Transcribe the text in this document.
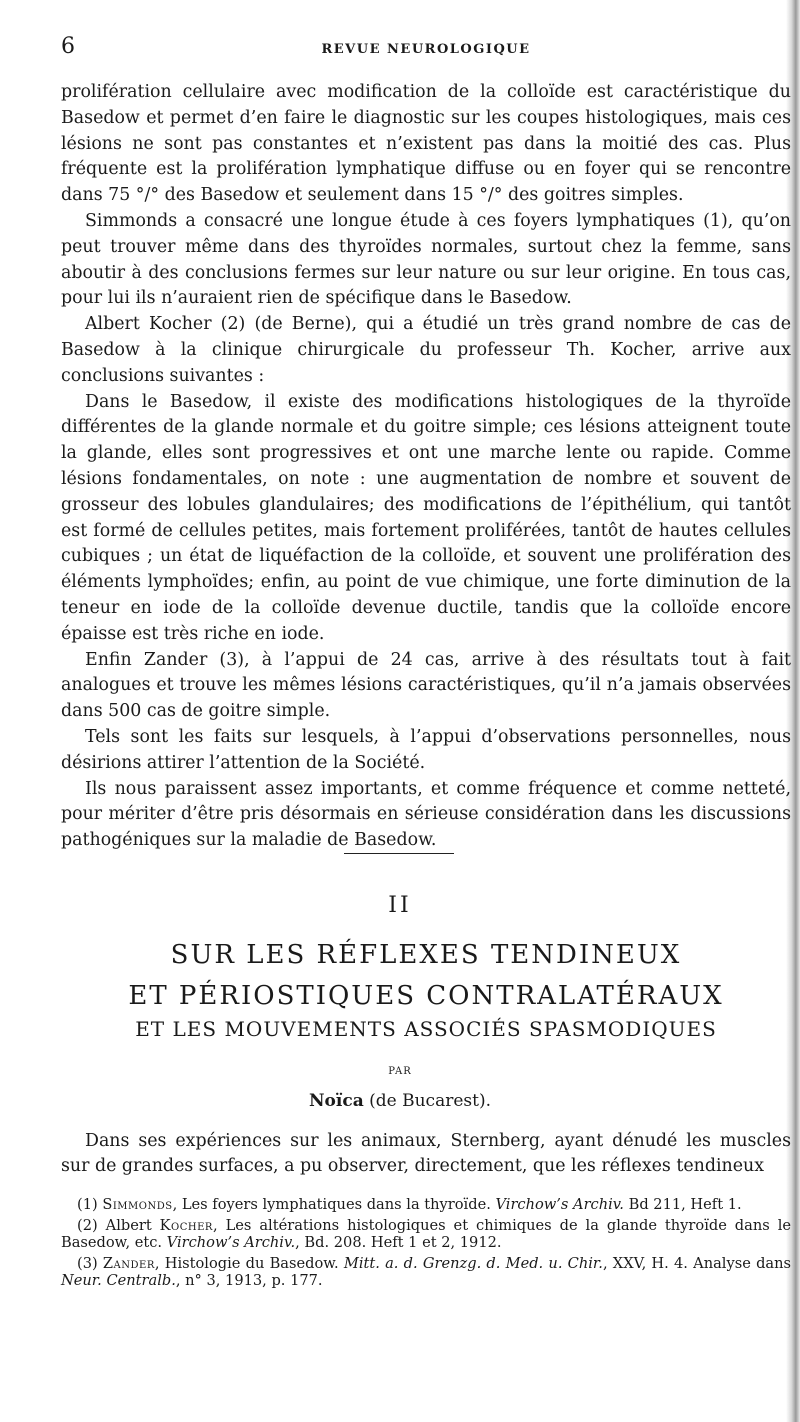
6	REVUE NEUROLOGIQUE

prolifération cellulaire avec modification de la colloïde est caractéristique du Basedow et permet d’en faire le diagnostic sur les coupes histologiques, mais ces lésions ne sont pas constantes et n’existent pas dans la moitié des cas. Plus fréquente est la prolifération lymphatique diffuse ou en foyer qui se rencontre dans 75 °/° des Basedow et seulement dans 15 °/° des goitres simples.

Simmonds a consacré une longue étude à ces foyers lymphatiques (1), qu’on peut trouver même dans des thyroïdes normales, surtout chez la femme, sans aboutir à des conclusions fermes sur leur nature ou sur leur origine. En tous cas, pour lui ils n’auraient rien de spécifique dans le Basedow.

Albert Kocher (2) (de Berne), qui a étudié un très grand nombre de cas de Basedow à la clinique chirurgicale du professeur Th. Kocher, arrive aux conclusions suivantes :

Dans le Basedow, il existe des modifications histologiques de la thyroïde différentes de la glande normale et du goitre simple; ces lésions atteignent toute la glande, elles sont progressives et ont une marche lente ou rapide. Comme lésions fondamentales, on note : une augmentation de nombre et souvent de grosseur des lobules glandulaires; des modifications de l’épithélium, qui tantôt est formé de cellules petites, mais fortement proliférées, tantôt de hautes cellules cubiques ; un état de liquéfaction de la colloïde, et souvent une prolifération des éléments lymphoïdes; enfin, au point de vue chimique, une forte diminution de la teneur en iode de la colloïde devenue ductile, tandis que la colloïde encore épaisse est très riche en iode.

Enfin Zander (3), à l’appui de 24 cas, arrive à des résultats tout à fait analogues et trouve les mêmes lésions caractéristiques, qu’il n’a jamais observées dans 500 cas de goitre simple.

Tels sont les faits sur lesquels, à l’appui d’observations personnelles, nous désirions attirer l’attention de la Société.

Ils nous paraissent assez importants, et comme fréquence et comme netteté, pour mériter d’être pris désormais en sérieuse considération dans les discussions pathogéniques sur la maladie de Basedow.

II
SUR LES RÉFLEXES TENDINEUX
ET PÉRIOSTIQUES CONTRALATÉRAUX
ET LES MOUVEMENTS ASSOCIÉS SPASMODIQUES
PAR
Noïca (de Bucarest).

Dans ses expériences sur les animaux, Sternberg, ayant dénudé les muscles sur de grandes surfaces, a pu observer, directement, que les réflexes tendineux

(1) Simmonds, Les foyers lymphatiques dans la thyroïde. Virchow’s Archiv. Bd 211, Heft 1.

(2) Albert Kocher, Les altérations histologiques et chimiques de la glande thyroïde dans le Basedow, etc. Virchow’s Archiv., Bd. 208. Heft 1 et 2, 1912.

(3) Zander, Histologie du Basedow. Mitt. a. d. Grenzg. d. Med. u. Chir., XXV, H. 4. Analyse dans Neur. Centralb., n° 3, 1913, p. 177.
